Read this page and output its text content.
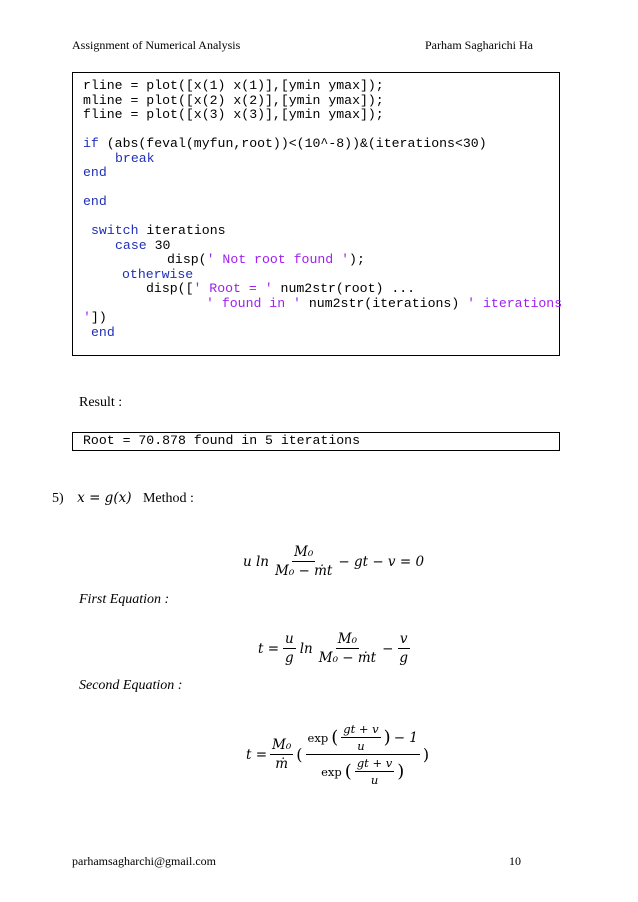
Assignment of Numerical Analysis	Parham Sagharichi Ha
rline = plot([x(1) x(1)],[ymin ymax]);
mline = plot([x(2) x(2)],[ymin ymax]);
fline = plot([x(3) x(3)],[ymin ymax]);
if (abs(feval(myfun,root))<(10^-8))&(iterations<30)
break
end
end
switch iterations
case 30
disp(' Not root found ');
otherwise
disp([' Root = ' num2str(root) ...
' found in ' num2str(iterations) ' iterations
'])
end
Result :
Root = 70.878 found in 5 iterations
5) x = g(x) Method :
u $\ln \frac{\text{M₀}}{\text{M₀ − ṁt}}$ − gt − v = 0
First Equation :
$t = \frac{u}{g}$ $\ln \frac{\text{M₀}}{\text{M₀ − ṁt}} - \frac{v}{g}$
Second Equation :
$t = \frac{\text{M₀}}{\text{ṁ}}$ (
exp ( $\frac{gt + v}{u}$ ) − 1
exp ( $\frac{gt + v}{u}$ )
)
parhamsagharchi@gmail.com	10
